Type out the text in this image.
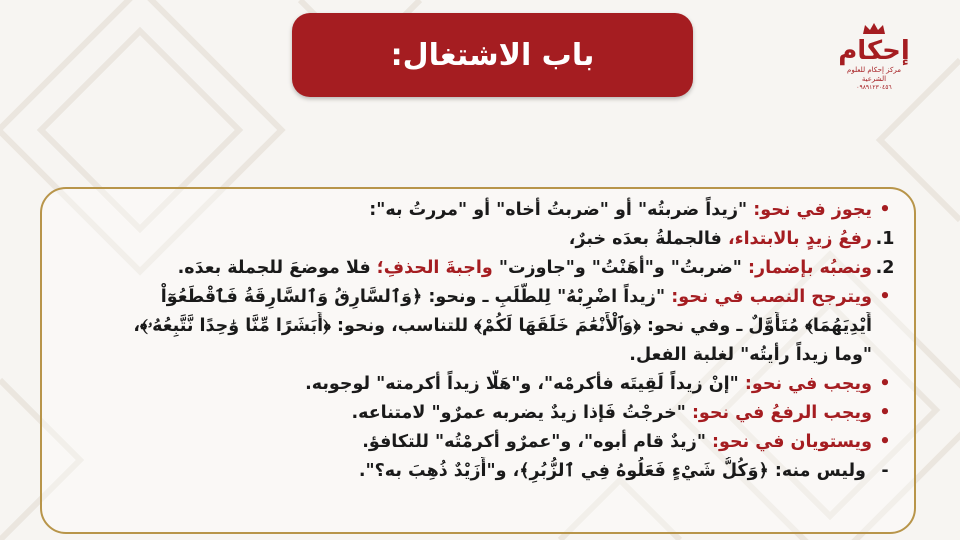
باب الاشتغال:	إحكام
مركز إحكام للعلوم الشرعية
٠٩٨٩١٢٣٠٤٥٦
•يجوز في نحو: "زيداً ضربتُه" أو "ضربتُ أخاه" أو "مررتُ به":
1.رفعُ زيدٍ بالابتداء، فالجملةُ بعدَه خبرٌ،
2.ونصبُه بإضمار: "ضربتُ" و"أهَنْتُ" و"جاوزت" واجبةَ الحذفِ؛ فلا موضعَ للجملة بعدَه.
•ويترجح النصب في نحو: "زيداً اضْرِبْهُ" لِلطَّلَبِ ـ ونحو: ﴿وَٱلسَّارِقُ وَٱلسَّارِقَةُ فَٱقْطَعُوٓاْ
أَيْدِيَهُمَا﴾ مُتَأَوَّلٌ ـ وفي نحو: ﴿وَٱلْأَنْعَٰمَ خَلَقَهَا لَكُمْ﴾ للتناسب، ونحو: ﴿أَبَشَرًا مِّنَّا وَٰحِدًا نَّتَّبِعُهُۥ﴾،
"وما زيداً رأيتُه" لغلبة الفعل.
•ويجب في نحو: "إنْ زيداً لَقِيتَه فأكرمْه"، و"هَلَّا زيداً أكرمته" لوجوبه.
•ويجب الرفعُ في نحو: "خرجْتُ فَإذا زيدٌ يضربه عمرٌو" لامتناعه.
•ويستويان في نحو: "زيدٌ قام أبوه"، و"عمرٌو أكرمْتُه" للتكافؤ.
- وليس منه: ﴿وَكُلُّ شَيْءٍ فَعَلُوهُ فِي ٱلزُّبُرِ﴾، و"أَزَيْدٌ ذُهِبَ به؟".
